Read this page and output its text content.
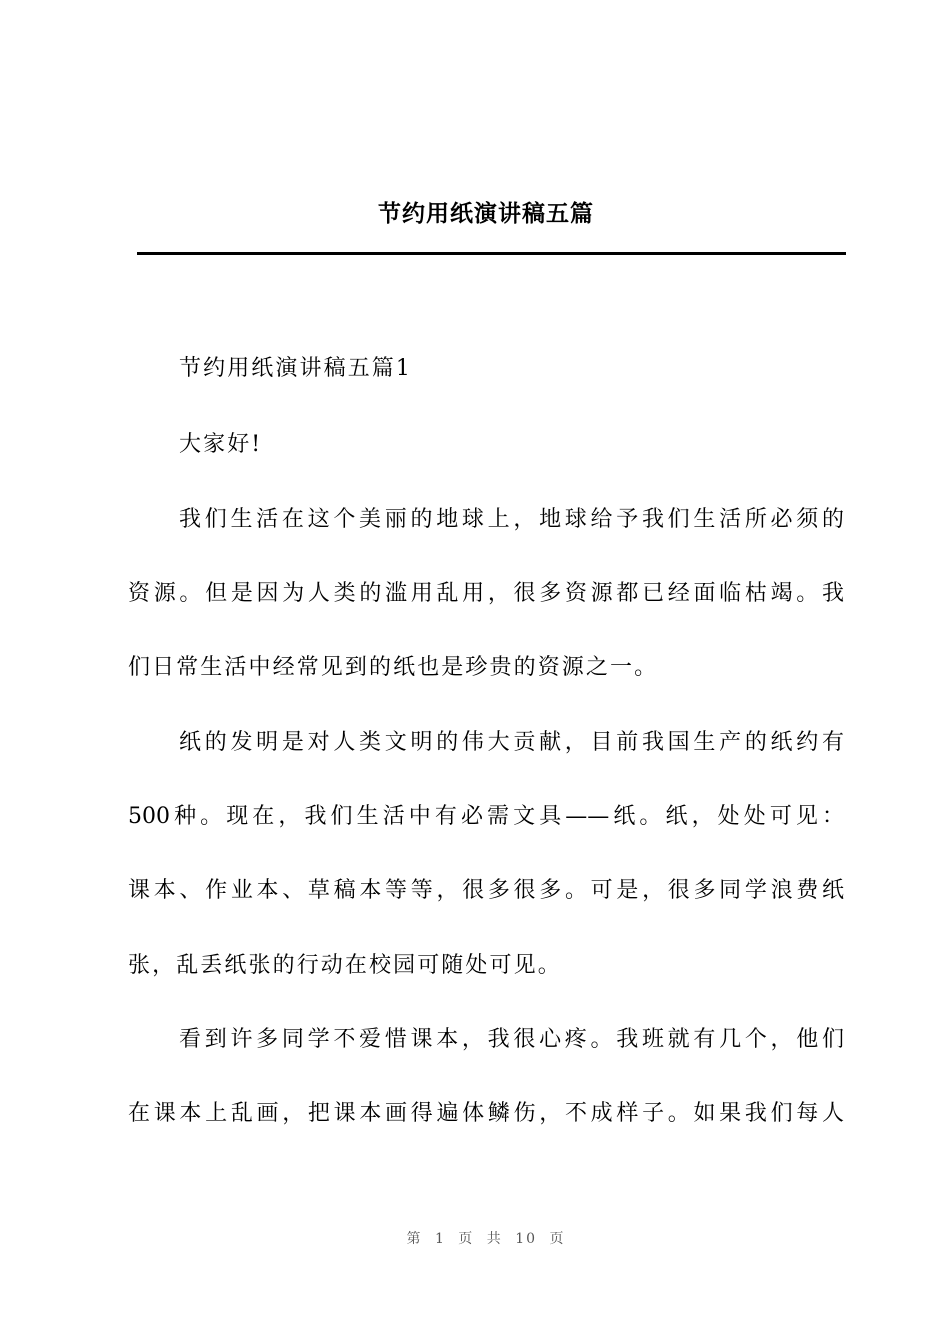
节约用纸演讲稿五篇

节约用纸演讲稿五篇1

大家好!

我们生活在这个美丽的地球上，地球给予我们生活所必须的

资源。但是因为人类的滥用乱用，很多资源都已经面临枯竭。我

们日常生活中经常见到的纸也是珍贵的资源之一。

纸的发明是对人类文明的伟大贡献，目前我国生产的纸约有

500种。现在，我们生活中有必需文具——纸。纸，处处可见：

课本、作业本、草稿本等等，很多很多。可是，很多同学浪费纸

张，乱丢纸张的行动在校园可随处可见。

看到许多同学不爱惜课本，我很心疼。我班就有几个，他们

在课本上乱画，把课本画得遍体鳞伤，不成样子。如果我们每人

第 1 页 共 10 页
